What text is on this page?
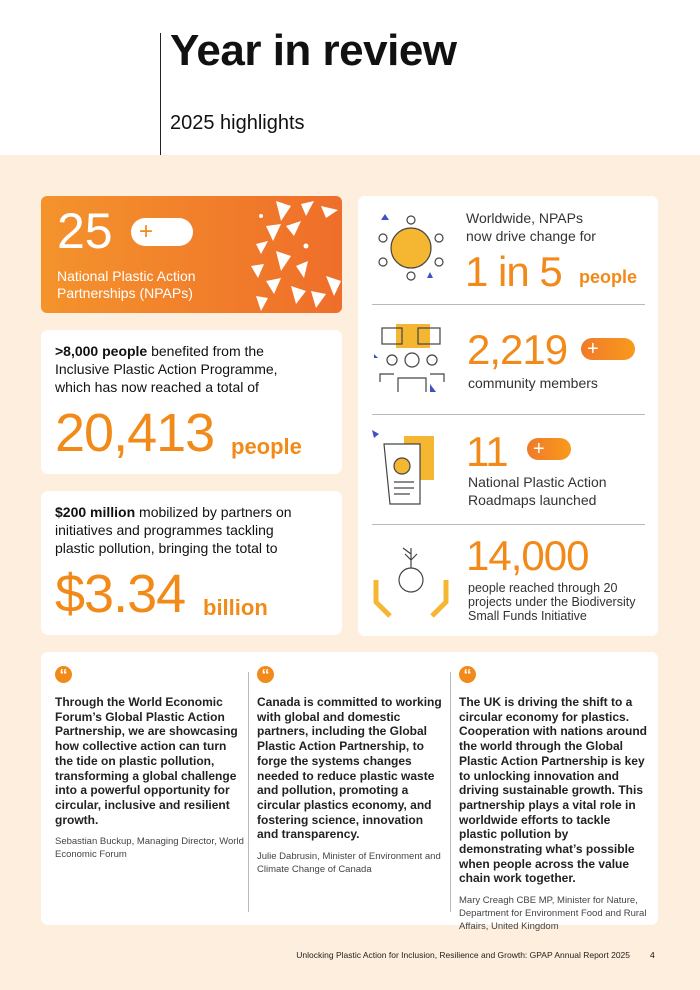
Year in review
2025 highlights
25	+
National Plastic Action
Partnerships (NPAPs)
>8,000 people benefited from the
Inclusive Plastic Action Programme,
which has now reached a total of
20,413 people
$200 million mobilized by partners on
initiatives and programmes tackling
plastic pollution, bringing the total to
$3.34 billion
Worldwide, NPAPs
now drive change for
1 in 5 people
2,219 +
community members
11	+
National Plastic Action
Roadmaps launched
14,000
people reached through 20
projects under the Biodiversity
Small Funds Initiative
“
Through the World Economic Forum’s Global Plastic Action Partnership, we are showcasing how collective action can turn the tide on plastic pollution, transforming a global challenge into a powerful opportunity for circular, inclusive and resilient growth.
Sebastian Buckup, Managing Director, World Economic Forum
“
Canada is committed to working with global and domestic partners, including the Global Plastic Action Partnership, to forge the systems changes needed to reduce plastic waste and pollution, promoting a circular plastics economy, and fostering science, innovation and transparency.
Julie Dabrusin, Minister of Environment and Climate Change of Canada
“
The UK is driving the shift to a circular economy for plastics. Cooperation with nations around the world through the Global Plastic Action Partnership is key to unlocking innovation and driving sustainable growth. This partnership plays a vital role in worldwide efforts to tackle plastic pollution by demonstrating what’s possible when people across the value chain work together.
Mary Creagh CBE MP, Minister for Nature, Department for Environment Food and Rural Affairs, United Kingdom
Unlocking Plastic Action for Inclusion, Resilience and Growth: GPAP Annual Report 2025 4
